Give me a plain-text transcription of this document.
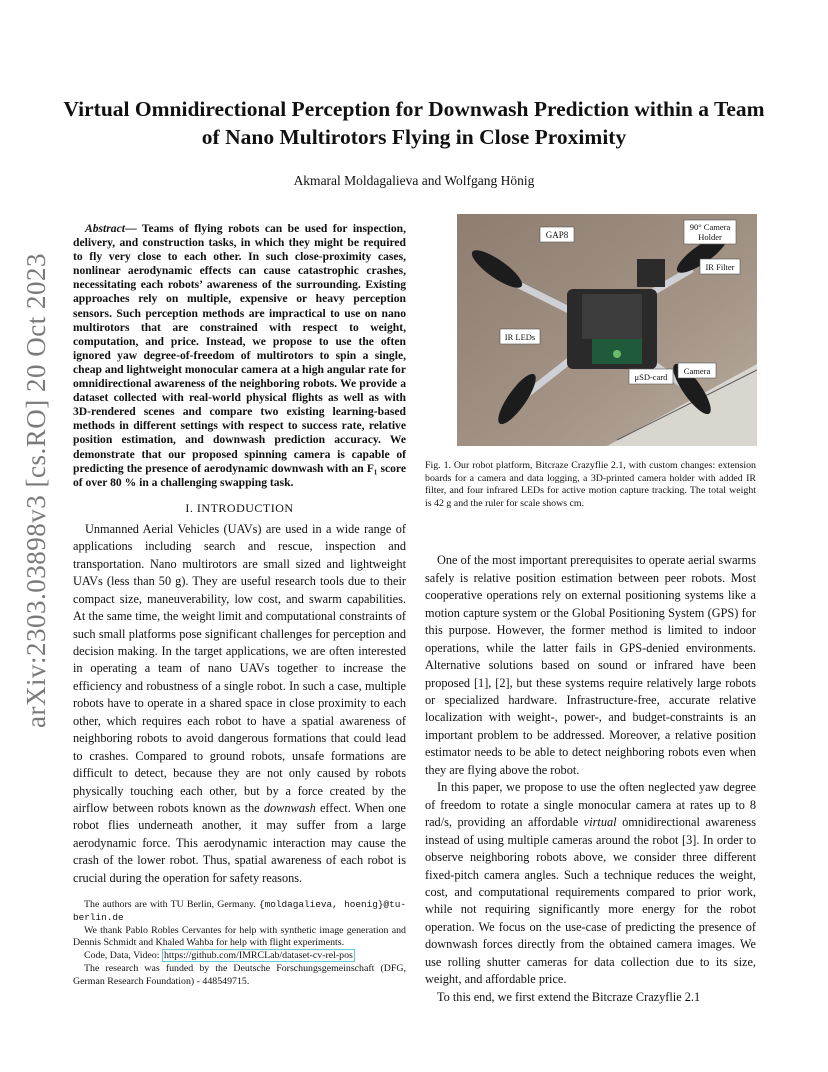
arXiv:2303.03898v3 [cs.RO] 20 Oct 2023
Virtual Omnidirectional Perception for Downwash Prediction within a Team of Nano Multirotors Flying in Close Proximity
Akmaral Moldagalieva and Wolfgang Hönig

Abstract— Teams of flying robots can be used for inspection, delivery, and construction tasks, in which they might be required to fly very close to each other. In such close-proximity cases, nonlinear aerodynamic effects can cause catastrophic crashes, necessitating each robots’ awareness of the surrounding. Existing approaches rely on multiple, expensive or heavy perception sensors. Such perception methods are impractical to use on nano multirotors that are constrained with respect to weight, computation, and price. Instead, we propose to use the often ignored yaw degree-of-freedom of multirotors to spin a single, cheap and lightweight monocular camera at a high angular rate for omnidirectional awareness of the neighboring robots. We provide a dataset collected with real-world physical flights as well as with 3D-rendered scenes and compare two existing learning-based methods in different settings with respect to success rate, relative position estimation, and downwash prediction accuracy. We demonstrate that our proposed spinning camera is capable of predicting the presence of aerodynamic downwash with an F₁ score of over 80 % in a challenging swapping task.

I. INTRODUCTION

Unmanned Aerial Vehicles (UAVs) are used in a wide range of applications including search and rescue, inspection and transportation. Nano multirotors are small sized and lightweight UAVs (less than 50 g). They are useful research tools due to their compact size, maneuverability, low cost, and swarm capabilities. At the same time, the weight limit and computational constraints of such small platforms pose significant challenges for perception and decision making. In the target applications, we are often interested in operating a team of nano UAVs together to increase the efficiency and robustness of a single robot. In such a case, multiple robots have to operate in a shared space in close proximity to each other, which requires each robot to have a spatial awareness of neighboring robots to avoid dangerous formations that could lead to crashes. Compared to ground robots, unsafe formations are difficult to detect, because they are not only caused by robots physically touching each other, but by a force created by the airflow between robots known as the downwash effect. When one robot flies underneath another, it may suffer from a large aerodynamic force. This aerodynamic interaction may cause the crash of the lower robot. Thus, spatial awareness of each robot is crucial during the operation for safety reasons.

The authors are with TU Berlin, Germany. {moldagalieva, hoenig}@tu-berlin.de

We thank Pablo Robles Cervantes for help with synthetic image generation and Dennis Schmidt and Khaled Wahba for help with flight experiments.

Code, Data, Video: https://github.com/IMRCLab/dataset-cv-rel-pos

The research was funded by the Deutsche Forschungsgemeinschaft (DFG, German Research Foundation) - 448549715.

GAP8
90° Camera
Holder
IR Filter
IR LEDs
μSD-card
Camera

Fig. 1. Our robot platform, Bitcraze Crazyflie 2.1, with custom changes: extension boards for a camera and data logging, a 3D-printed camera holder with added IR filter, and four infrared LEDs for active motion capture tracking. The total weight is 42 g and the ruler for scale shows cm.

One of the most important prerequisites to operate aerial swarms safely is relative position estimation between peer robots. Most cooperative operations rely on external positioning systems like a motion capture system or the Global Positioning System (GPS) for this purpose. However, the former method is limited to indoor operations, while the latter fails in GPS-denied environments. Alternative solutions based on sound or infrared have been proposed [1], [2], but these systems require relatively large robots or specialized hardware. Infrastructure-free, accurate relative localization with weight-, power-, and budget-constraints is an important problem to be addressed. Moreover, a relative position estimator needs to be able to detect neighboring robots even when they are flying above the robot.

In this paper, we propose to use the often neglected yaw degree of freedom to rotate a single monocular camera at rates up to 8 rad/s, providing an affordable virtual omnidirectional awareness instead of using multiple cameras around the robot [3]. In order to observe neighboring robots above, we consider three different fixed-pitch camera angles. Such a technique reduces the weight, cost, and computational requirements compared to prior work, while not requiring significantly more energy for the robot operation. We focus on the use-case of predicting the presence of downwash forces directly from the obtained camera images. We use rolling shutter cameras for data collection due to its size, weight, and affordable price.

To this end, we first extend the Bitcraze Crazyflie 2.1
